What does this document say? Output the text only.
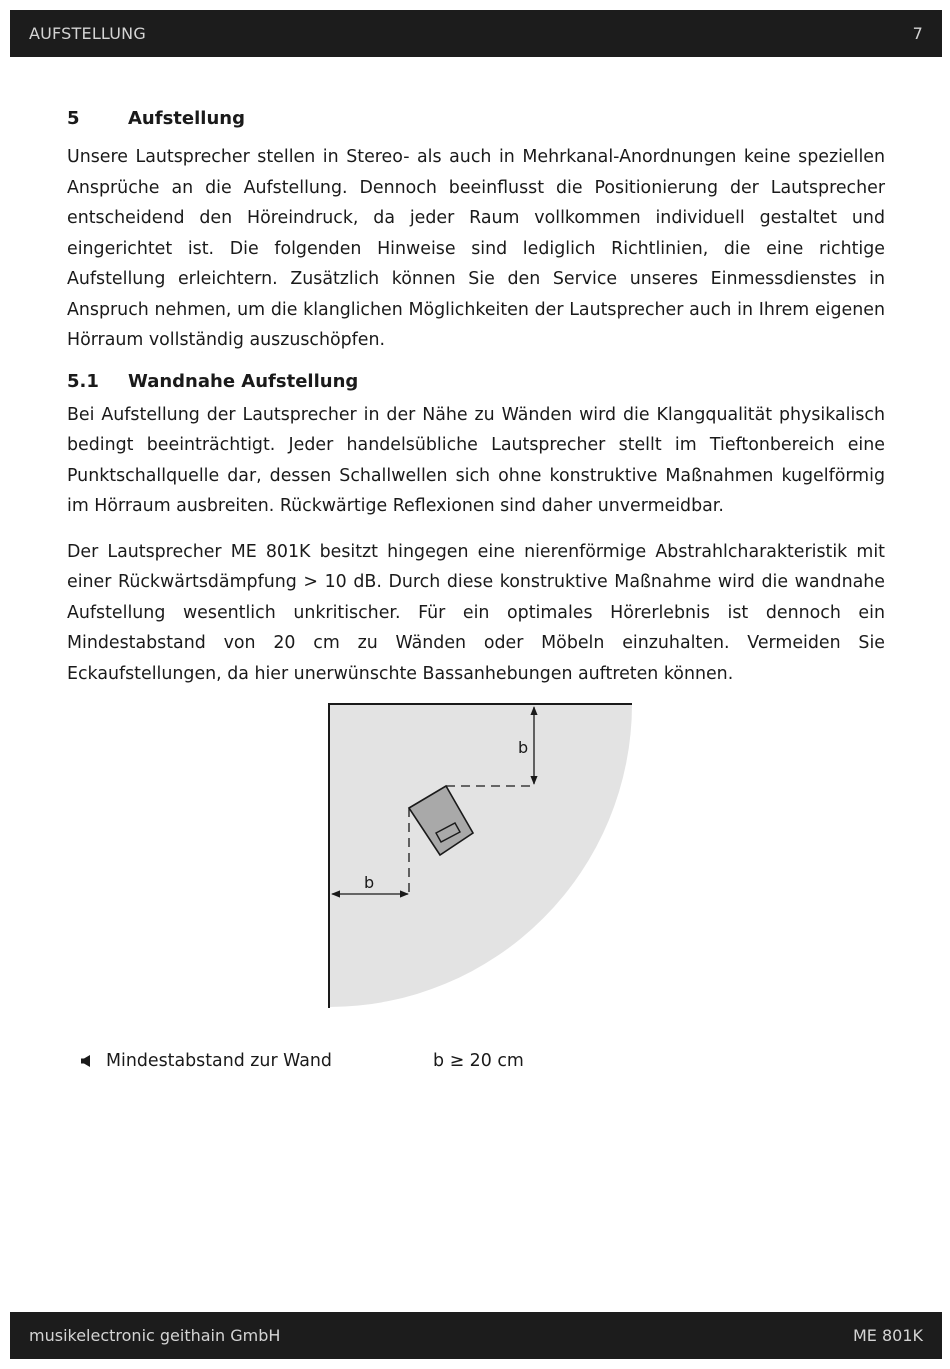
AUFSTELLUNG	7
5	Aufstellung

Unsere Lautsprecher stellen in Stereo- als auch in Mehrkanal-Anordnungen keine speziellen Ansprüche an die Aufstellung. Dennoch beeinflusst die Positionierung der Lautsprecher entscheidend den Höreindruck, da jeder Raum vollkommen individuell gestaltet und eingerichtet ist. Die folgenden Hinweise sind lediglich Richtlinien, die eine richtige Aufstellung erleichtern. Zusätzlich können Sie den Service unseres Einmessdienstes in Anspruch nehmen, um die klanglichen Möglichkeiten der Lautsprecher auch in Ihrem eigenen Hörraum vollständig auszuschöpfen.

5.1	Wandnahe Aufstellung

Bei Aufstellung der Lautsprecher in der Nähe zu Wänden wird die Klangqualität physikalisch bedingt beeinträchtigt. Jeder handelsübliche Lautsprecher stellt im Tieftonbereich eine Punktschallquelle dar, dessen Schallwellen sich ohne konstruktive Maßnahmen kugelförmig im Hörraum ausbreiten. Rückwärtige Reflexionen sind daher unvermeidbar.

Der Lautsprecher ME 801K besitzt hingegen eine nierenförmige Abstrahlcharakteristik mit einer Rückwärtsdämpfung > 10 dB. Durch diese konstruktive Maßnahme wird die wandnahe Aufstellung wesentlich unkritischer. Für ein optimales Hörerlebnis ist dennoch ein Mindestabstand von 20 cm zu Wänden oder Möbeln einzuhalten. Vermeiden Sie Eckaufstellungen, da hier unerwünschte Bassanhebungen auftreten können.

b
b
Mindestabstand zur Wand	b ≥ 20 cm
musikelectronic geithain GmbH	ME 801K
